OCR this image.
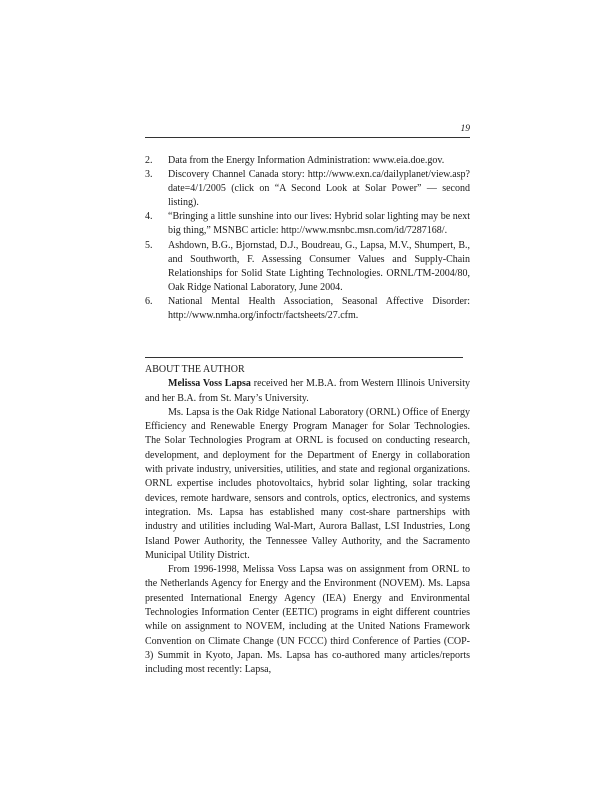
19
2.	Data from the Energy Information Administration: www.eia.doe.gov.
3.	Discovery Channel Canada story: http://www.exn.ca/dailyplanet/view.asp?date=4/1/2005 (click on “A Second Look at Solar Power” — second listing).
4.	“Bringing a little sunshine into our lives: Hybrid solar lighting may be next big thing,” MSNBC article: http://www.msnbc.msn.com/id/7287168/.
5.	Ashdown, B.G., Bjornstad, D.J., Boudreau, G., Lapsa, M.V., Shumpert, B., and Southworth, F. Assessing Consumer Values and Supply-Chain Relationships for Solid State Lighting Technologies. ORNL/TM-2004/80, Oak Ridge National Laboratory, June 2004.
6.	National Mental Health Association, Seasonal Affective Disorder: http://www.nmha.org/infoctr/factsheets/27.cfm.
ABOUT THE AUTHOR

Melissa Voss Lapsa received her M.B.A. from Western Illinois University and her B.A. from St. Mary’s University.

Ms. Lapsa is the Oak Ridge National Laboratory (ORNL) Office of Energy Efficiency and Renewable Energy Program Manager for Solar Technologies. The Solar Technologies Program at ORNL is focused on conducting research, development, and deployment for the Department of Energy in collaboration with private industry, universities, utilities, and state and regional organizations. ORNL expertise includes photovoltaics, hybrid solar lighting, solar tracking devices, remote hardware, sensors and controls, optics, electronics, and systems integration. Ms. Lapsa has established many cost-share partnerships with industry and utilities including Wal-Mart, Aurora Ballast, LSI Industries, Long Island Power Authority, the Tennessee Valley Authority, and the Sacramento Municipal Utility District.

From 1996-1998, Melissa Voss Lapsa was on assignment from ORNL to the Netherlands Agency for Energy and the Environment (NOVEM). Ms. Lapsa presented International Energy Agency (IEA) Energy and Environmental Technologies Information Center (EETIC) programs in eight different countries while on assignment to NOVEM, including at the United Nations Framework Convention on Climate Change (UN FCCC) third Conference of Parties (COP-3) Summit in Kyoto, Japan. Ms. Lapsa has co-authored many articles/reports including most recently: Lapsa,
